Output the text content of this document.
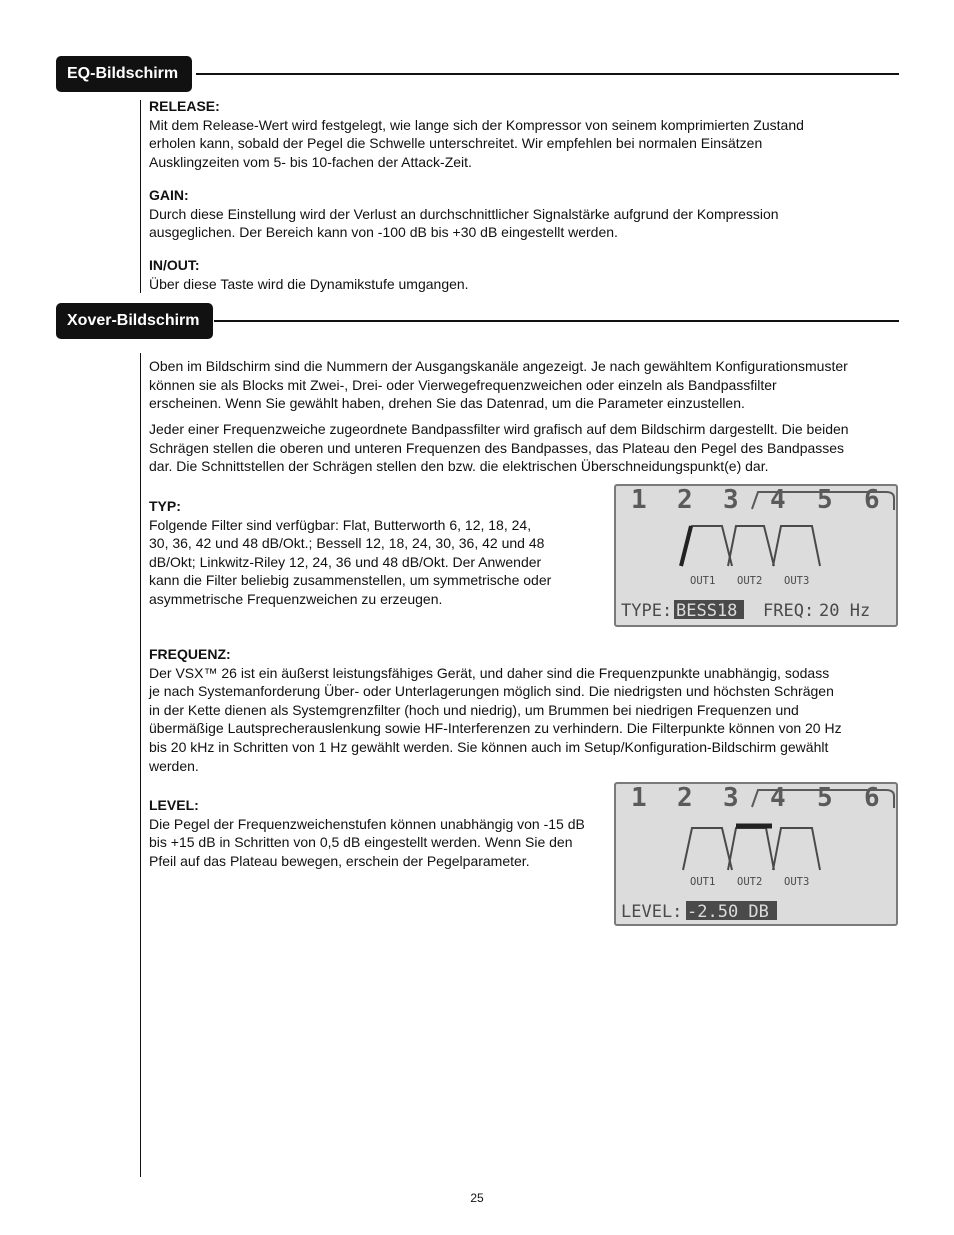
EQ-Bildschirm
RELEASE:

Mit dem Release-Wert wird festgelegt, wie lange sich der Kompressor von seinem komprimierten Zustand

erholen kann, sobald der Pegel die Schwelle unterschreitet. Wir empfehlen bei normalen Einsätzen

Ausklingzeiten vom 5- bis 10-fachen der Attack-Zeit.

GAIN:

Durch diese Einstellung wird der Verlust an durchschnittlicher Signalstärke aufgrund der Kompression

ausgeglichen. Der Bereich kann von -100 dB bis +30 dB eingestellt werden.

IN/OUT:

Über diese Taste wird die Dynamikstufe umgangen.

Xover-Bildschirm

Oben im Bildschirm sind die Nummern der Ausgangskanäle angezeigt. Je nach gewähltem Konfigurationsmuster

können sie als Blocks mit Zwei-, Drei- oder Vierwegefrequenzweichen oder einzeln als Bandpassfilter

erscheinen. Wenn Sie gewählt haben, drehen Sie das Datenrad, um die Parameter einzustellen.

Jeder einer Frequenzweiche zugeordnete Bandpassfilter wird grafisch auf dem Bildschirm dargestellt. Die beiden

Schrägen stellen die oberen und unteren Frequenzen des Bandpasses, das Plateau den Pegel des Bandpasses

dar. Die Schnittstellen der Schrägen stellen den bzw. die elektrischen Überschneidungspunkt(e) dar.

TYP:

Folgende Filter sind verfügbar: Flat, Butterworth 6, 12, 18, 24,

30, 36, 42 und 48 dB/Okt.; Bessell 12, 18, 24, 30, 36, 42 und 48

dB/Okt; Linkwitz-Riley 12, 24, 36 und 48 dB/Okt. Der Anwender

kann die Filter beliebig zusammenstellen, um symmetrische oder

asymmetrische Frequenzweichen zu erzeugen.

1 2 3 4 5 6
OUT1 OUT2 OUT3
TYPE: BESS18 FREQ: 20 Hz
FREQUENZ:

Der VSX™ 26 ist ein äußerst leistungsfähiges Gerät, und daher sind die Frequenzpunkte unabhängig, sodass

je nach Systemanforderung Über- oder Unterlagerungen möglich sind. Die niedrigsten und höchsten Schrägen

in der Kette dienen als Systemgrenzfilter (hoch und niedrig), um Brummen bei niedrigen Frequenzen und

übermäßige Lautsprecherauslenkung sowie HF-Interferenzen zu verhindern. Die Filterpunkte können von 20 Hz

bis 20 kHz in Schritten von 1 Hz gewählt werden. Sie können auch im Setup/Konfiguration-Bildschirm gewählt

werden.

LEVEL:

Die Pegel der Frequenzweichenstufen können unabhängig von -15 dB

bis +15 dB in Schritten von 0,5 dB eingestellt werden. Wenn Sie den

Pfeil auf das Plateau bewegen, erschein der Pegelparameter.

1 2 3 4 5 6
OUT1 OUT2 OUT3
LEVEL: -2.50 DB
25
